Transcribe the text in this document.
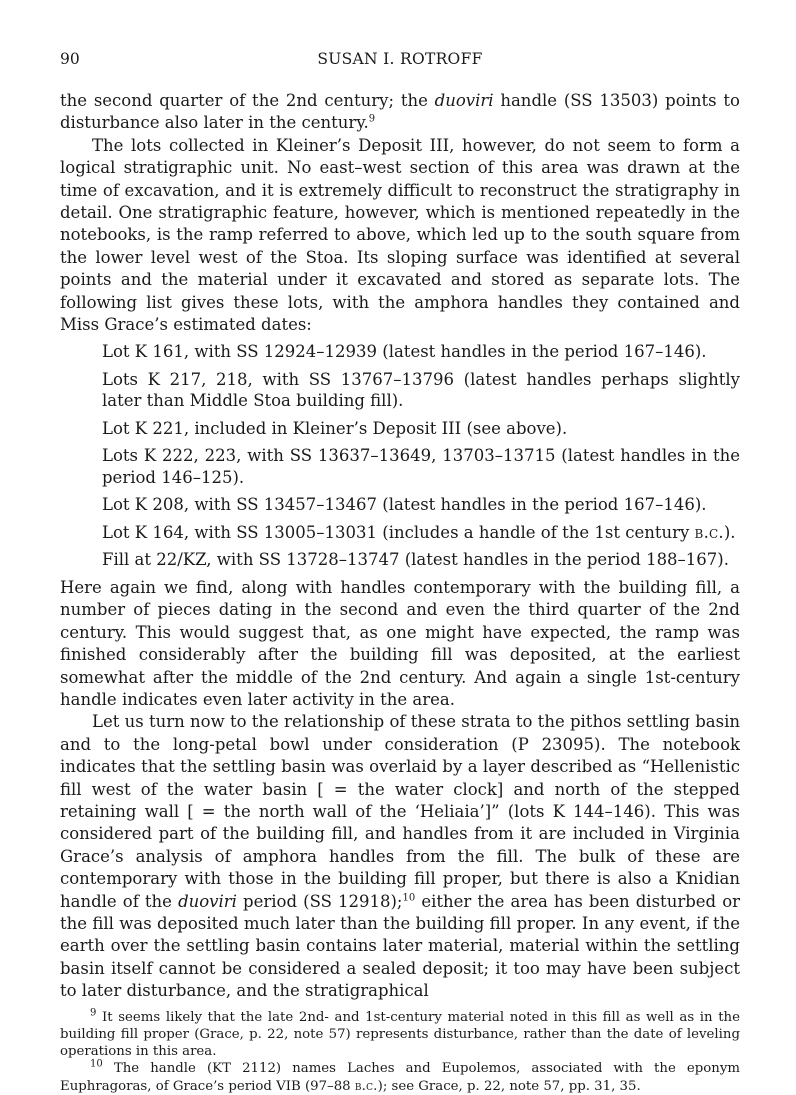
90	SUSAN I. ROTROFF

the second quarter of the 2nd century; the duoviri handle (SS 13503) points to disturbance also later in the century.$^9$

The lots collected in Kleiner’s Deposit III, however, do not seem to form a logical stratigraphic unit. No east–west section of this area was drawn at the time of excavation, and it is extremely difficult to reconstruct the stratigraphy in detail. One stratigraphic feature, however, which is mentioned repeatedly in the notebooks, is the ramp referred to above, which led up to the south square from the lower level west of the Stoa. Its sloping surface was identified at several points and the material under it excavated and stored as separate lots. The following list gives these lots, with the amphora handles they contained and Miss Grace’s estimated dates:

Lot K 161, with SS 12924–12939 (latest handles in the period 167–146).
Lots K 217, 218, with SS 13767–13796 (latest handles perhaps slightly later than Middle Stoa building fill).
Lot K 221, included in Kleiner’s Deposit III (see above).
Lots K 222, 223, with SS 13637–13649, 13703–13715 (latest handles in the period 146–125).
Lot K 208, with SS 13457–13467 (latest handles in the period 167–146).
Lot K 164, with SS 13005–13031 (includes a handle of the 1st century b.c.).
Fill at 22/KZ, with SS 13728–13747 (latest handles in the period 188–167).

Here again we find, along with handles contemporary with the building fill, a number of pieces dating in the second and even the third quarter of the 2nd century. This would suggest that, as one might have expected, the ramp was finished considerably after the building fill was deposited, at the earliest somewhat after the middle of the 2nd century. And again a single 1st-century handle indicates even later activity in the area.

Let us turn now to the relationship of these strata to the pithos settling basin and to the long-petal bowl under consideration (P 23095). The notebook indicates that the settling basin was overlaid by a layer described as “Hellenistic fill west of the water basin [ = the water clock] and north of the stepped retaining wall [ = the north wall of the ‘Heliaia’]” (lots K 144–146). This was considered part of the building fill, and handles from it are included in Virginia Grace’s analysis of amphora handles from the fill. The bulk of these are contemporary with those in the building fill proper, but there is also a Knidian handle of the duoviri period (SS 12918);$^{10}$ either the area has been disturbed or the fill was deposited much later than the building fill proper. In any event, if the earth over the settling basin contains later material, material within the settling basin itself cannot be considered a sealed deposit; it too may have been subject to later disturbance, and the stratigraphical

$^9$ It seems likely that the late 2nd- and 1st-century material noted in this fill as well as in the building fill proper (Grace, p. 22, note 57) represents disturbance, rather than the date of leveling operations in this area.

$^{10}$ The handle (KT 2112) names Laches and Eupolemos, associated with the eponym Euphragoras, of Grace’s period VIB (97–88 b.c.); see Grace, p. 22, note 57, pp. 31, 35.
